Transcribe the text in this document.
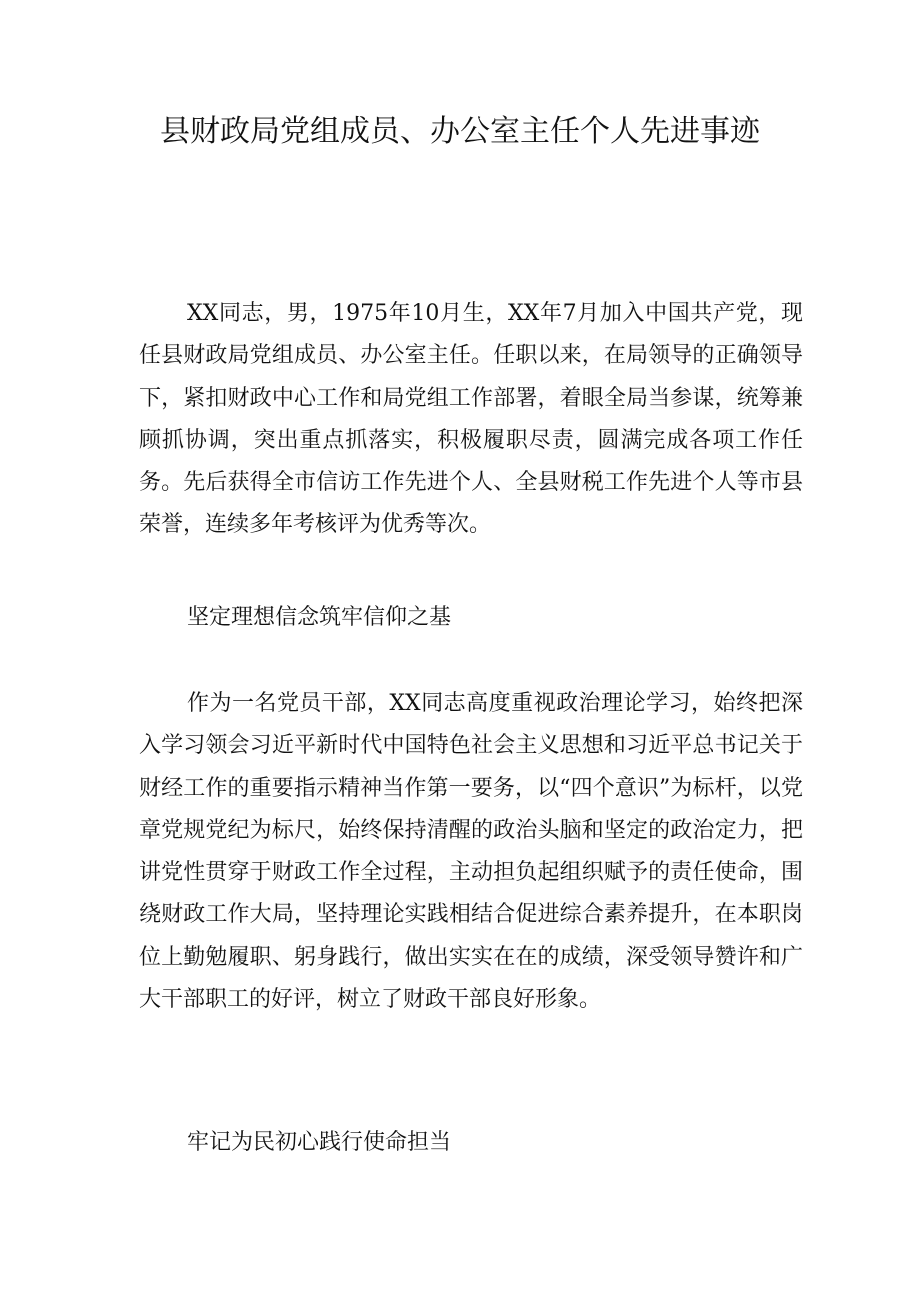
县财政局党组成员、办公室主任个人先进事迹

XX同志，男，1975年10月生，XX年7月加入中国共产党，现任县财政局党组成员、办公室主任。任职以来，在局领导的正确领导下，紧扣财政中心工作和局党组工作部署，着眼全局当参谋，统筹兼顾抓协调，突出重点抓落实，积极履职尽责，圆满完成各项工作任务。先后获得全市信访工作先进个人、全县财税工作先进个人等市县荣誉，连续多年考核评为优秀等次。

坚定理想信念筑牢信仰之基

作为一名党员干部，XX同志高度重视政治理论学习，始终把深入学习领会习近平新时代中国特色社会主义思想和习近平总书记关于财经工作的重要指示精神当作第一要务，以“四个意识”为标杆，以党章党规党纪为标尺，始终保持清醒的政治头脑和坚定的政治定力，把讲党性贯穿于财政工作全过程，主动担负起组织赋予的责任使命，围绕财政工作大局，坚持理论实践相结合促进综合素养提升，在本职岗位上勤勉履职、躬身践行，做出实实在在的成绩，深受领导赞许和广大干部职工的好评，树立了财政干部良好形象。

牢记为民初心践行使命担当
